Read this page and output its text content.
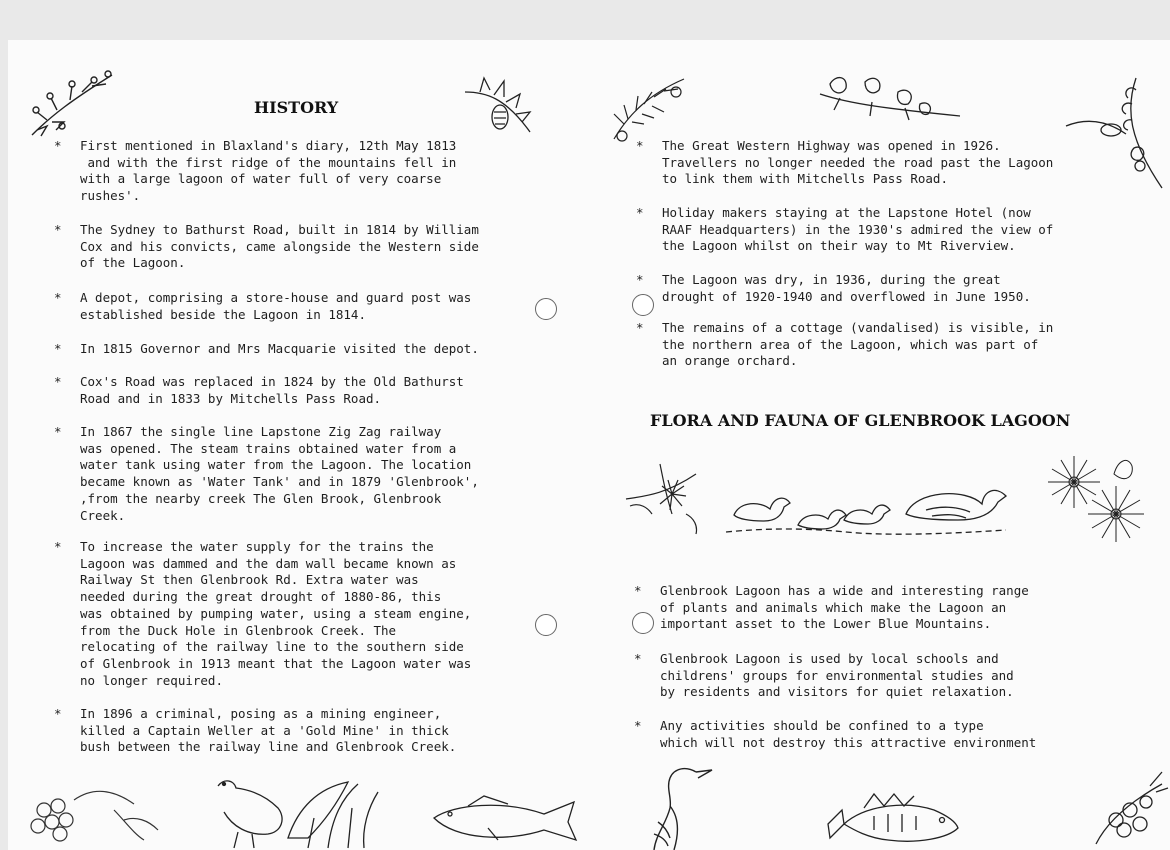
HISTORY
* First mentioned in Blaxland's diary, 12th May 1813
and with the first ridge of the mountains fell in
with a large lagoon of water full of very coarse
rushes'.
* The Sydney to Bathurst Road, built in 1814 by William
Cox and his convicts, came alongside the Western side
of the Lagoon.
* A depot, comprising a store-house and guard post was
established beside the Lagoon in 1814.
* In 1815 Governor and Mrs Macquarie visited the depot.
* Cox's Road was replaced in 1824 by the Old Bathurst
Road and in 1833 by Mitchells Pass Road.
* In 1867 the single line Lapstone Zig Zag railway
was opened. The steam trains obtained water from a
water tank using water from the Lagoon. The location
became known as 'Water Tank' and in 1879 'Glenbrook',
,from the nearby creek The Glen Brook, Glenbrook
Creek.
* To increase the water supply for the trains the
Lagoon was dammed and the dam wall became known as
Railway St then Glenbrook Rd. Extra water was
needed during the great drought of 1880-86, this
was obtained by pumping water, using a steam engine,
from the Duck Hole in Glenbrook Creek. The
relocating of the railway line to the southern side
of Glenbrook in 1913 meant that the Lagoon water was
no longer required.
* In 1896 a criminal, posing as a mining engineer,
killed a Captain Weller at a 'Gold Mine' in thick
bush between the railway line and Glenbrook Creek.
* The Great Western Highway was opened in 1926.
Travellers no longer needed the road past the Lagoon
to link them with Mitchells Pass Road.
* Holiday makers staying at the Lapstone Hotel (now
RAAF Headquarters) in the 1930's admired the view of
the Lagoon whilst on their way to Mt Riverview.
* The Lagoon was dry, in 1936, during the great
drought of 1920-1940 and overflowed in June 1950.
* The remains of a cottage (vandalised) is visible, in
the northern area of the Lagoon, which was part of
an orange orchard.
FLORA AND FAUNA OF GLENBROOK LAGOON
* Glenbrook Lagoon has a wide and interesting range
of plants and animals which make the Lagoon an
important asset to the Lower Blue Mountains.
* Glenbrook Lagoon is used by local schools and
childrens' groups for environmental studies and
by residents and visitors for quiet relaxation.
* Any activities should be confined to a type
which will not destroy this attractive environment
